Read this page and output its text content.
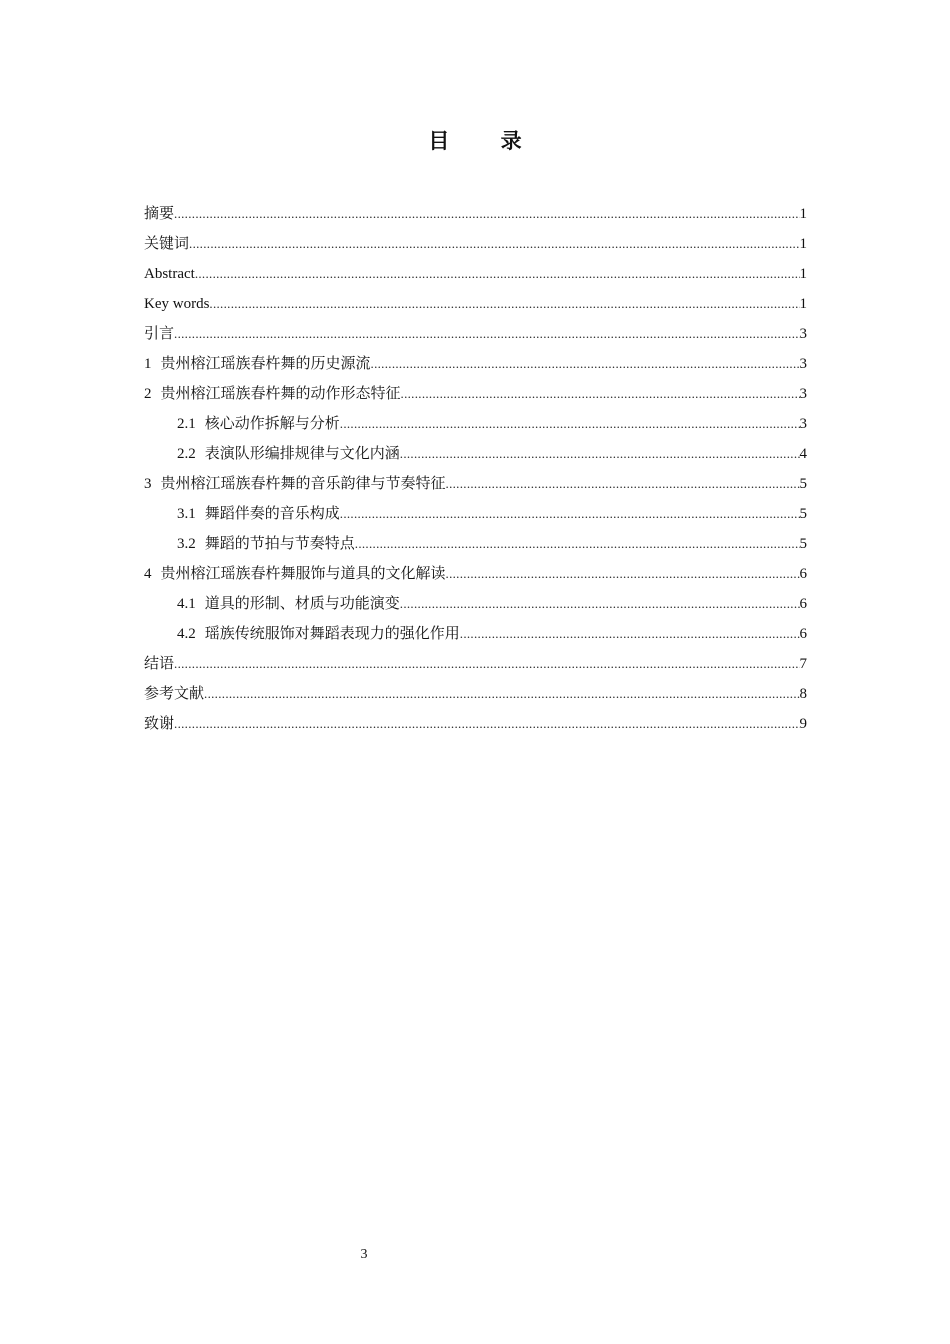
目 录
摘要 .....	1
关键词 .....	1
Abstract .....	1
Key words .....	1
引言 .....	3
1 贵州榕江瑶族春杵舞的历史源流 .....	3
2 贵州榕江瑶族春杵舞的动作形态特征 .....	3
2.1 核心动作拆解与分析 .....	3
2.2 表演队形编排规律与文化内涵 .....	4
3 贵州榕江瑶族春杵舞的音乐韵律与节奏特征 .....	5
3.1 舞蹈伴奏的音乐构成 .....	5
3.2 舞蹈的节拍与节奏特点 .....	5
4 贵州榕江瑶族春杵舞服饰与道具的文化解读 .....	6
4.1 道具的形制、材质与功能演变 .....	6
4.2 瑶族传统服饰对舞蹈表现力的强化作用 .....	6
结语 .....	7
参考文献 .....	8
致谢 .....	9
3
